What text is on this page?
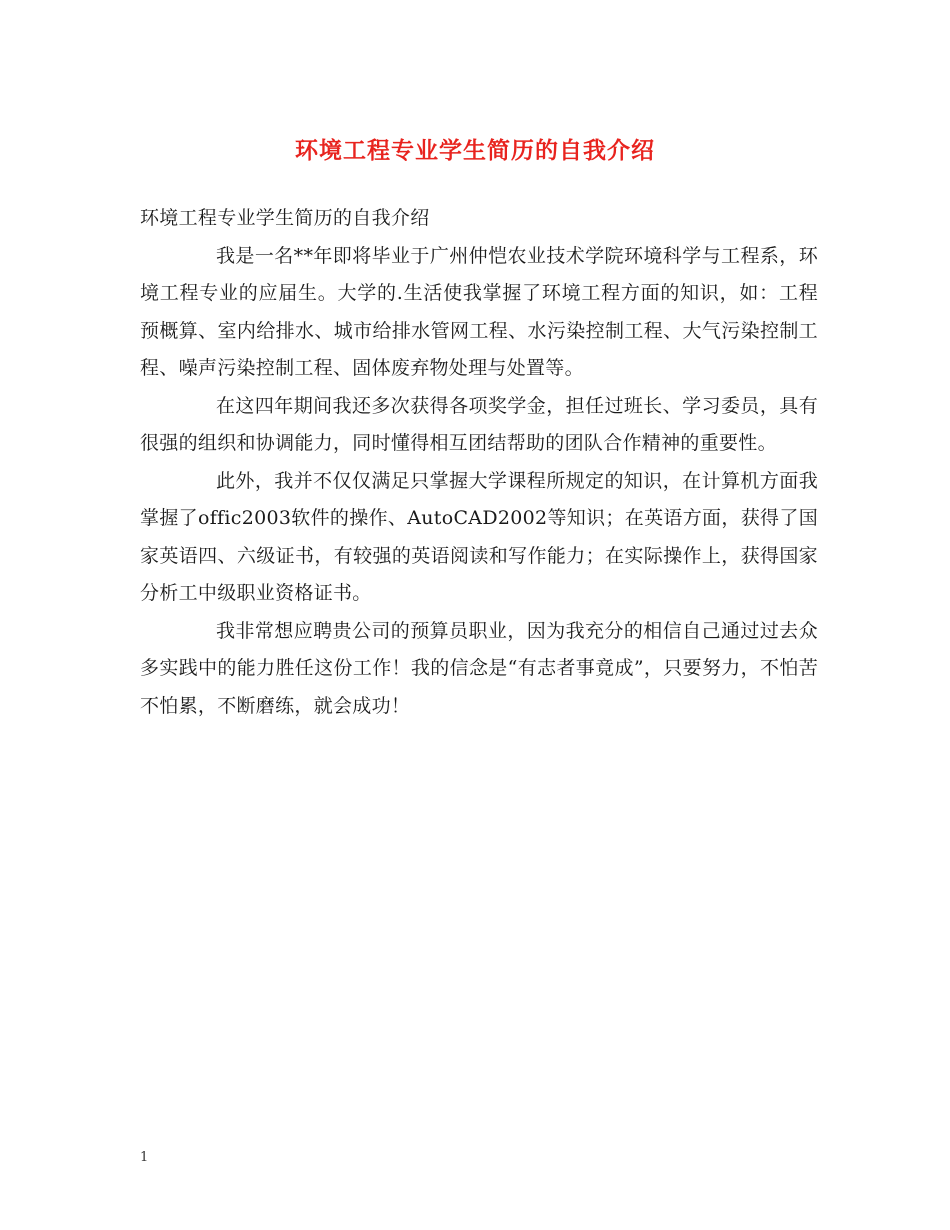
环境工程专业学生简历的自我介绍

环境工程专业学生简历的自我介绍

我是一名**年即将毕业于广州仲恺农业技术学院环境科学与工程系，环境工程专业的应届生。大学的.生活使我掌握了环境工程方面的知识，如：工程预概算、室内给排水、城市给排水管网工程、水污染控制工程、大气污染控制工程、噪声污染控制工程、固体废弃物处理与处置等。

在这四年期间我还多次获得各项奖学金，担任过班长、学习委员，具有很强的组织和协调能力，同时懂得相互团结帮助的团队合作精神的重要性。

此外，我并不仅仅满足只掌握大学课程所规定的知识，在计算机方面我掌握了offic2003软件的操作、AutoCAD2002等知识；在英语方面，获得了国家英语四、六级证书，有较强的英语阅读和写作能力；在实际操作上，获得国家分析工中级职业资格证书。

我非常想应聘贵公司的预算员职业，因为我充分的相信自己通过过去众多实践中的能力胜任这份工作！我的信念是“有志者事竟成”，只要努力，不怕苦不怕累，不断磨练，就会成功！

1
